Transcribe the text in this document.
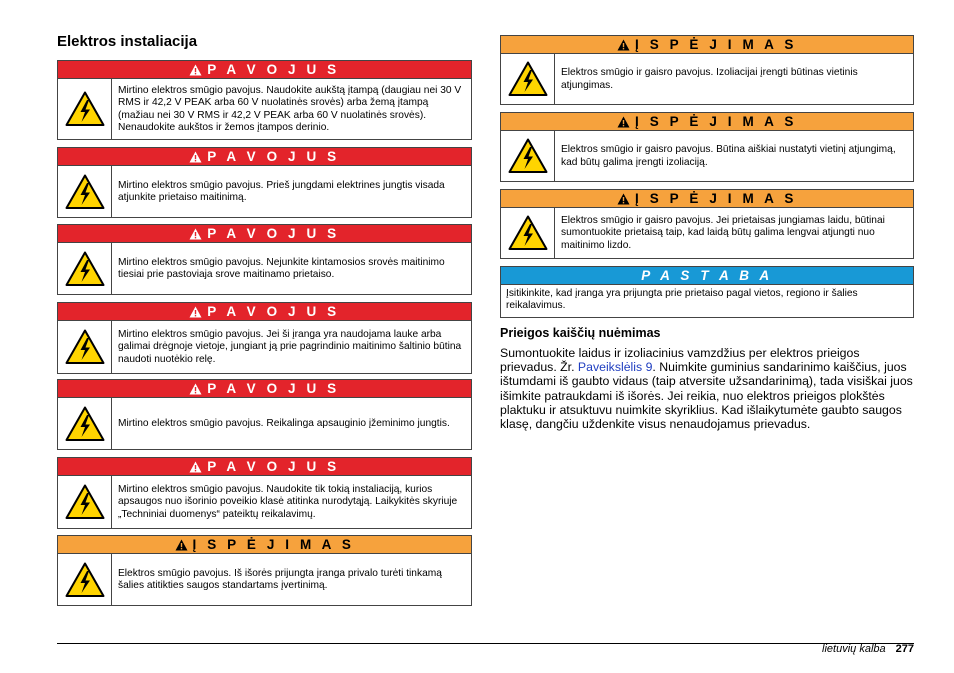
Elektros instaliacija
P A V O J U S
Mirtino elektros smūgio pavojus. Naudokite aukštą įtampą (daugiau nei 30 V RMS ir 42,2 V PEAK arba 60 V nuolatinės srovės) arba žemą įtampą (mažiau nei 30 V RMS ir 42,2 V PEAK arba 60 V nuolatinės srovės). Nenaudokite aukštos ir žemos įtampos derinio.
P A V O J U S
Mirtino elektros smūgio pavojus. Prieš jungdami elektrines jungtis visada atjunkite prietaiso maitinimą.
P A V O J U S
Mirtino elektros smūgio pavojus. Nejunkite kintamosios srovės maitinimo tiesiai prie pastoviaja srove maitinamo prietaiso.
P A V O J U S
Mirtino elektros smūgio pavojus. Jei ši įranga yra naudojama lauke arba galimai drėgnoje vietoje, jungiant ją prie pagrindinio maitinimo šaltinio būtina naudoti nuotėkio relę.
P A V O J U S
Mirtino elektros smūgio pavojus. Reikalinga apsauginio įžeminimo jungtis.
P A V O J U S
Mirtino elektros smūgio pavojus. Naudokite tik tokią instaliaciją, kurios apsaugos nuo išorinio poveikio klasė atitinka nurodytąją. Laikykitės skyriuje „Techniniai duomenys“ pateiktų reikalavimų.
Į S P Ė J I M A S
Elektros smūgio pavojus. Iš išorės prijungta įranga privalo turėti tinkamą šalies atitikties saugos standartams įvertinimą.
Į S P Ė J I M A S
Elektros smūgio ir gaisro pavojus. Izoliacijai įrengti būtinas vietinis atjungimas.
Į S P Ė J I M A S
Elektros smūgio ir gaisro pavojus. Būtina aiškiai nustatyti vietinį atjungimą, kad būtų galima įrengti izoliaciją.
Į S P Ė J I M A S
Elektros smūgio ir gaisro pavojus. Jei prietaisas jungiamas laidu, būtinai sumontuokite prietaisą taip, kad laidą būtų galima lengvai atjungti nuo maitinimo lizdo.
P A S T A B A
Įsitikinkite, kad įranga yra prijungta prie prietaiso pagal vietos, regiono ir šalies reikalavimus.
Prieigos kaiščių nuėmimas
Sumontuokite laidus ir izoliacinius vamzdžius per elektros prieigos prievadus. Žr. Paveikslėlis 9. Nuimkite guminius sandarinimo kaiščius, juos ištumdami iš gaubto vidaus (taip atversite užsandarinimą), tada visiškai juos išimkite patraukdami iš išorės. Jei reikia, nuo elektros prieigos plokštės plaktuku ir atsuktuvu nuimkite skyriklius. Kad išlaikytumėte gaubto saugos klasę, dangčiu uždenkite visus nenaudojamus prievadus.
lietuvių kalba 277
